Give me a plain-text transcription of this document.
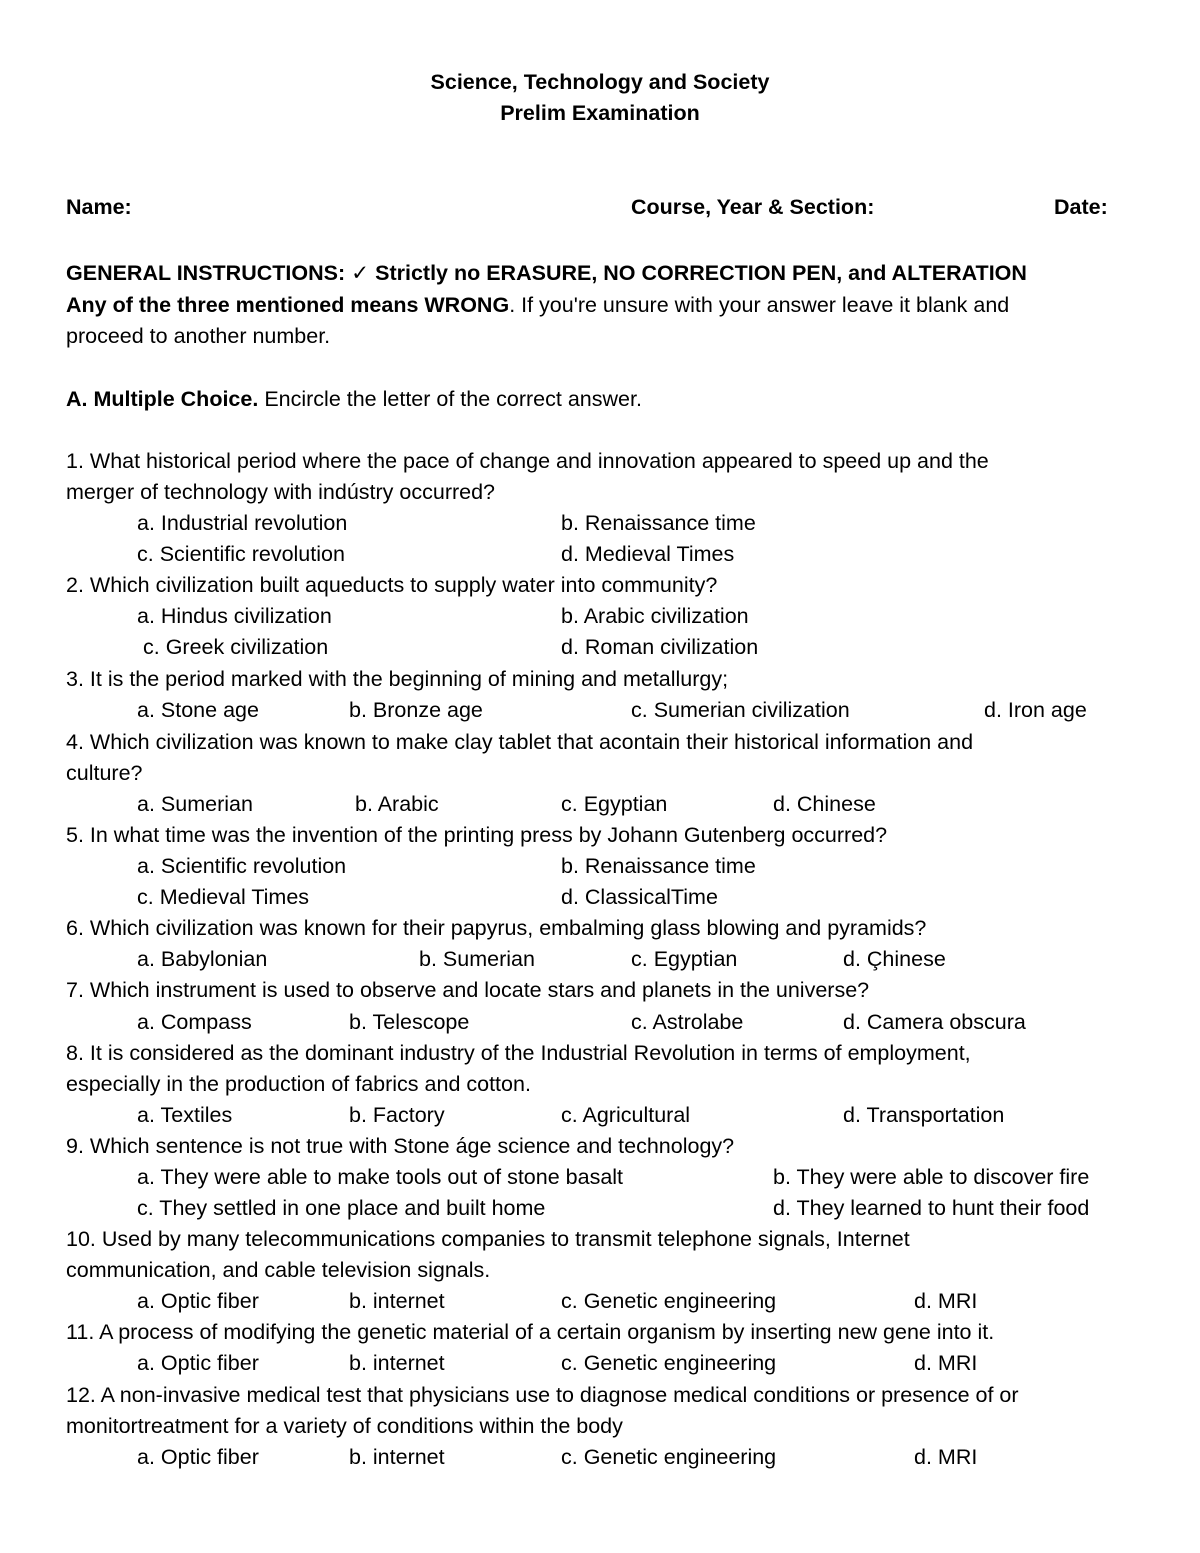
Science, Technology and Society
Prelim Examination
Name:	Course, Year & Section:	Date:
GENERAL INSTRUCTIONS: ✓ Strictly no ERASURE, NO CORRECTION PEN, and ALTERATION
Any of the three mentioned means WRONG. If you're unsure with your answer leave it blank and
proceed to another number.
A. Multiple Choice. Encircle the letter of the correct answer.
1. What historical period where the pace of change and innovation appeared to speed up and the
merger of technology with indústry occurred?
a. Industrial revolution	b. Renaissance time
c. Scientific revolution	d. Medieval Times
2. Which civilization built aqueducts to supply water into community?
a. Hindus civilization	b. Arabic civilization
c. Greek civilization	d. Roman civilization
3. It is the period marked with the beginning of mining and metallurgy;
a. Stone age	b. Bronze age	c. Sumerian civilization	d. Iron age
4. Which civilization was known to make clay tablet that acontain their historical information and
culture?
a. Sumerian	b. Arabic	c. Egyptian	d. Chinese
5. In what time was the invention of the printing press by Johann Gutenberg occurred?
a. Scientific revolution	b. Renaissance time
c. Medieval Times	d. ClassicalTime
6. Which civilization was known for their papyrus, embalming glass blowing and pyramids?
a. Babylonian	b. Sumerian	c. Egyptian	d. Çhinese
7. Which instrument is used to observe and locate stars and planets in the universe?
a. Compass	b. Telescope	c. Astrolabe	d. Camera obscura
8. It is considered as the dominant industry of the Industrial Revolution in terms of employment,
especially in the production of fabrics and cotton.
a. Textiles	b. Factory	c. Agricultural	d. Transportation
9. Which sentence is not true with Stone áge science and technology?
a. They were able to make tools out of stone basalt	b. They were able to discover fire
c. They settled in one place and built home	d. They learned to hunt their food
10. Used by many telecommunications companies to transmit telephone signals, Internet
communication, and cable television signals.
a. Optic fiber	b. internet	c. Genetic engineering	d. MRI
11. A process of modifying the genetic material of a certain organism by inserting new gene into it.
a. Optic fiber	b. internet	c. Genetic engineering	d. MRI
12. A non-invasive medical test that physicians use to diagnose medical conditions or presence of or
monitortreatment for a variety of conditions within the body
a. Optic fiber	b. internet	c. Genetic engineering	d. MRI
